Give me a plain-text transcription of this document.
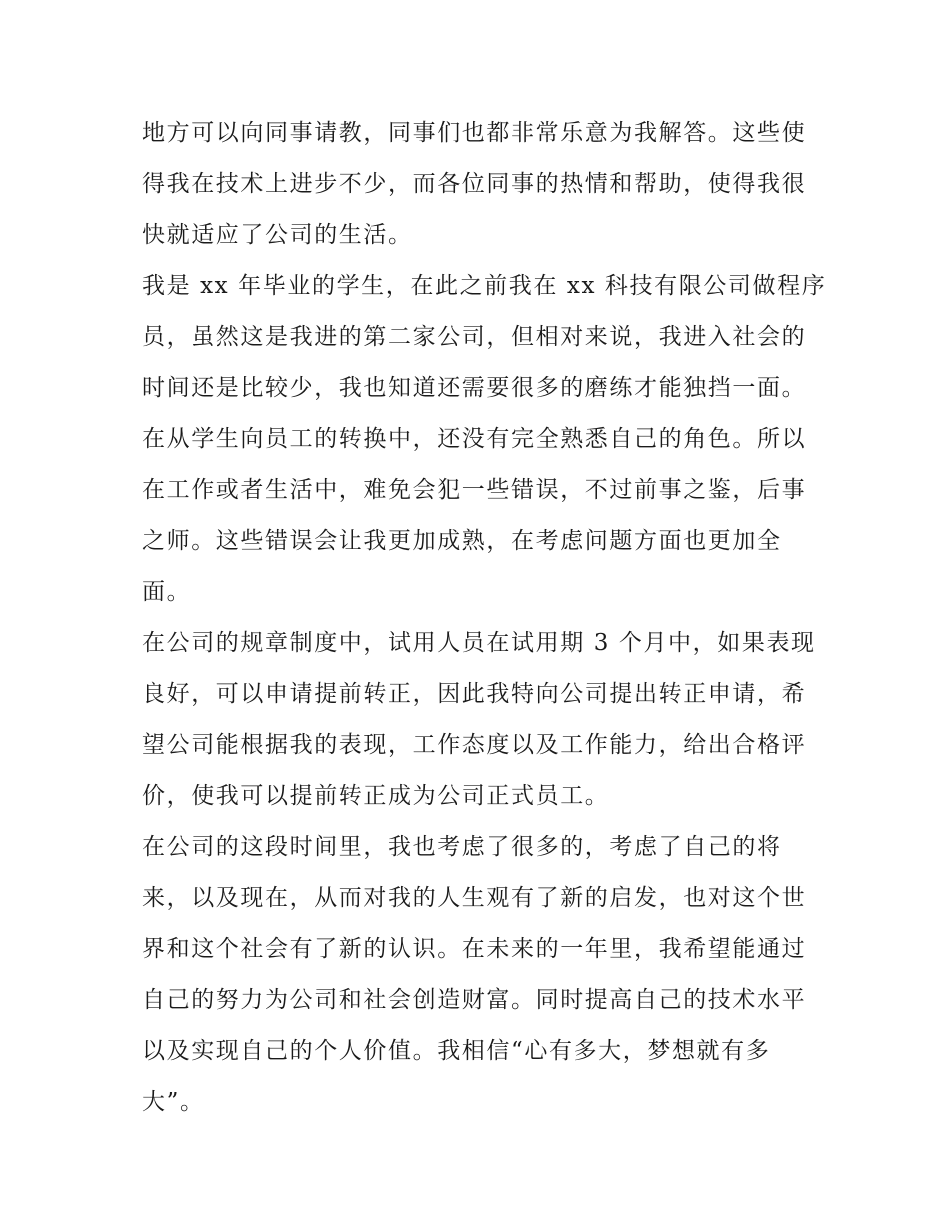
地方可以向同事请教，同事们也都非常乐意为我解答。这些使
得我在技术上进步不少，而各位同事的热情和帮助，使得我很
快就适应了公司的生活。
我是 xx 年毕业的学生，在此之前我在 xx 科技有限公司做程序
员，虽然这是我进的第二家公司，但相对来说，我进入社会的
时间还是比较少，我也知道还需要很多的磨练才能独挡一面。
在从学生向员工的转换中，还没有完全熟悉自己的角色。所以
在工作或者生活中，难免会犯一些错误，不过前事之鉴，后事
之师。这些错误会让我更加成熟，在考虑问题方面也更加全
面。
在公司的规章制度中，试用人员在试用期 3 个月中，如果表现
良好，可以申请提前转正，因此我特向公司提出转正申请，希
望公司能根据我的表现，工作态度以及工作能力，给出合格评
价，使我可以提前转正成为公司正式员工。
在公司的这段时间里，我也考虑了很多的，考虑了自己的将
来，以及现在，从而对我的人生观有了新的启发，也对这个世
界和这个社会有了新的认识。在未来的一年里，我希望能通过
自己的努力为公司和社会创造财富。同时提高自己的技术水平
以及实现自己的个人价值。我相信“心有多大，梦想就有多
大”。
